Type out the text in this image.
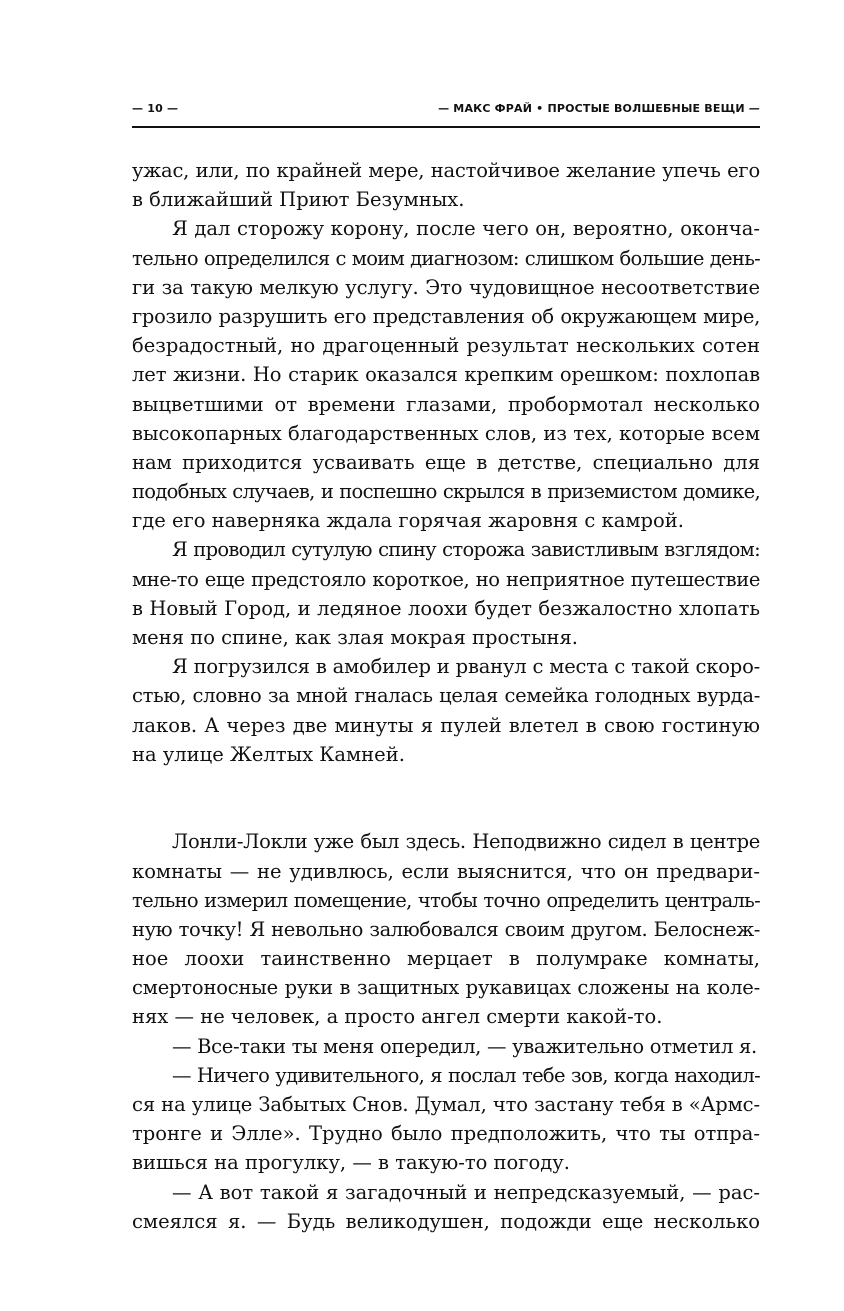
— 10 —	— МАКС ФРАЙ • ПРОСТЫЕ ВОЛШЕБНЫЕ ВЕЩИ —
ужас, или, по крайней мере, настойчивое желание упечь его
в ближайший Приют Безумных.
Я дал сторожу корону, после чего он, вероятно, оконча-
тельно определился с моим диагнозом: слишком большие день-
ги за такую мелкую услугу. Это чудовищное несоответствие
грозило разрушить его представления об окружающем мире,
безрадостный, но драгоценный результат нескольких сотен
лет жизни. Но старик оказался крепким орешком: похлопав
выцветшими от времени глазами, пробормотал несколько
высокопарных благодарственных слов, из тех, которые всем
нам приходится усваивать еще в детстве, специально для
подобных случаев, и поспешно скрылся в приземистом домике,
где его наверняка ждала горячая жаровня с камрой.
Я проводил сутулую спину сторожа завистливым взглядом:
мне-то еще предстояло короткое, но неприятное путешествие
в Новый Город, и ледяное лоохи будет безжалостно хлопать
меня по спине, как злая мокрая простыня.
Я погрузился в амобилер и рванул с места с такой скоро-
стью, словно за мной гналась целая семейка голодных вурда-
лаков. А через две минуты я пулей влетел в свою гостиную
на улице Желтых Камней.
Лонли-Локли уже был здесь. Неподвижно сидел в центре
комнаты — не удивлюсь, если выяснится, что он предвари-
тельно измерил помещение, чтобы точно определить централь-
ную точку! Я невольно залюбовался своим другом. Белоснеж-
ное лоохи таинственно мерцает в полумраке комнаты,
смертоносные руки в защитных рукавицах сложены на коле-
нях — не человек, а просто ангел смерти какой-то.
— Все-таки ты меня опередил, — уважительно отметил я.
— Ничего удивительного, я послал тебе зов, когда находил-
ся на улице Забытых Снов. Думал, что застану тебя в «Армс-
тронге и Элле». Трудно было предположить, что ты отпра-
вишься на прогулку, — в такую-то погоду.
— А вот такой я загадочный и непредсказуемый, — рас-
смеялся я. — Будь великодушен, подожди еще несколько
